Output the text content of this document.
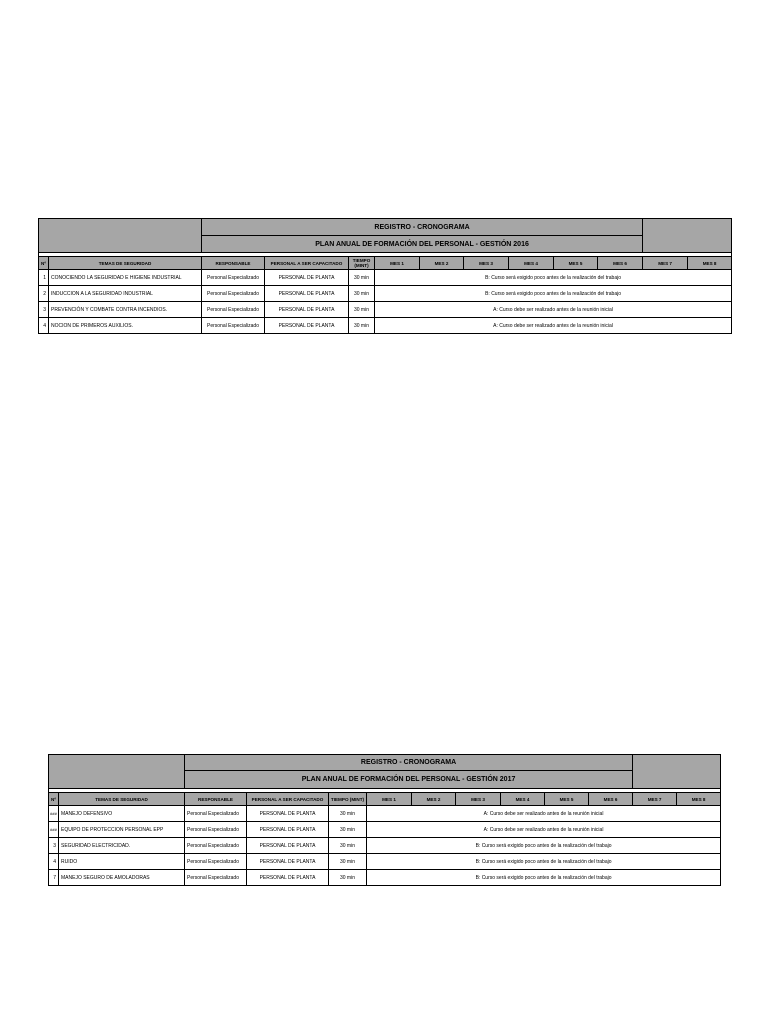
		REGISTRO - CRONOGRAMA										
		PLAN ANUAL DE FORMACIÓN DEL PERSONAL - GESTIÓN 2016										

Nº	TEMAS DE SEGURIDAD	RESPONSABLE	PERSONAL A SER CAPACITADO	TIEMPO (MINT)	MES 1	MES 2	MES 3	MES 4	MES 5	MES 6	MES 7	MES 8
1	CONOCIENDO LA SEGURIDAD E HIGIENE INDUSTRIAL	Personal Especializado	PERSONAL DE PLANTA	30 min	B: Curso será exigido poco antes de la realización del trabajo							
2	INDUCCION A LA SEGURIDAD INDUSTRIAL	Personal Especializado	PERSONAL DE PLANTA	30 min	B: Curso será exigido poco antes de la realización del trabajo							
3	PREVENCIÓN Y COMBATE CONTRA INCENDIOS.	Personal Especializado	PERSONAL DE PLANTA	30 min	A: Curso debe ser realizado antes de la reunión inicial							
4	NOCION DE PRIMEROS AUXILIOS.	Personal Especializado	PERSONAL DE PLANTA	30 min	A: Curso debe ser realizado antes de la reunión inicial							
		REGISTRO - CRONOGRAMA										
		PLAN ANUAL DE FORMACIÓN DEL PERSONAL - GESTIÓN 2017										

Nº	TEMAS DE SEGURIDAD	RESPONSABLE	PERSONAL A SER CAPACITADO	TIEMPO (MINT)	MES 1	MES 2	MES 3	MES 4	MES 5	MES 6	MES 7	MES 8
###	MANEJO DEFENSIVO	Personal Especializado	PERSONAL DE PLANTA	30 min	A: Curso debe ser realizado antes de la reunión inicial							
###	EQUIPO DE PROTECCION PERSONAL EPP	Personal Especializado	PERSONAL DE PLANTA	30 min	A: Curso debe ser realizado antes de la reunión inicial							
3	SEGURIDAD ELECTRICIDAD.	Personal Especializado	PERSONAL DE PLANTA	30 min	B: Curso será exigido poco antes de la realización del trabajo							
4	RUIDO	Personal Especializado	PERSONAL DE PLANTA	30 min	B: Curso será exigido poco antes de la realización del trabajo							
7	MANEJO SEGURO DE AMOLADORAS	Personal Especializado	PERSONAL DE PLANTA	30 min	B: Curso será exigido poco antes de la realización del trabajo							
